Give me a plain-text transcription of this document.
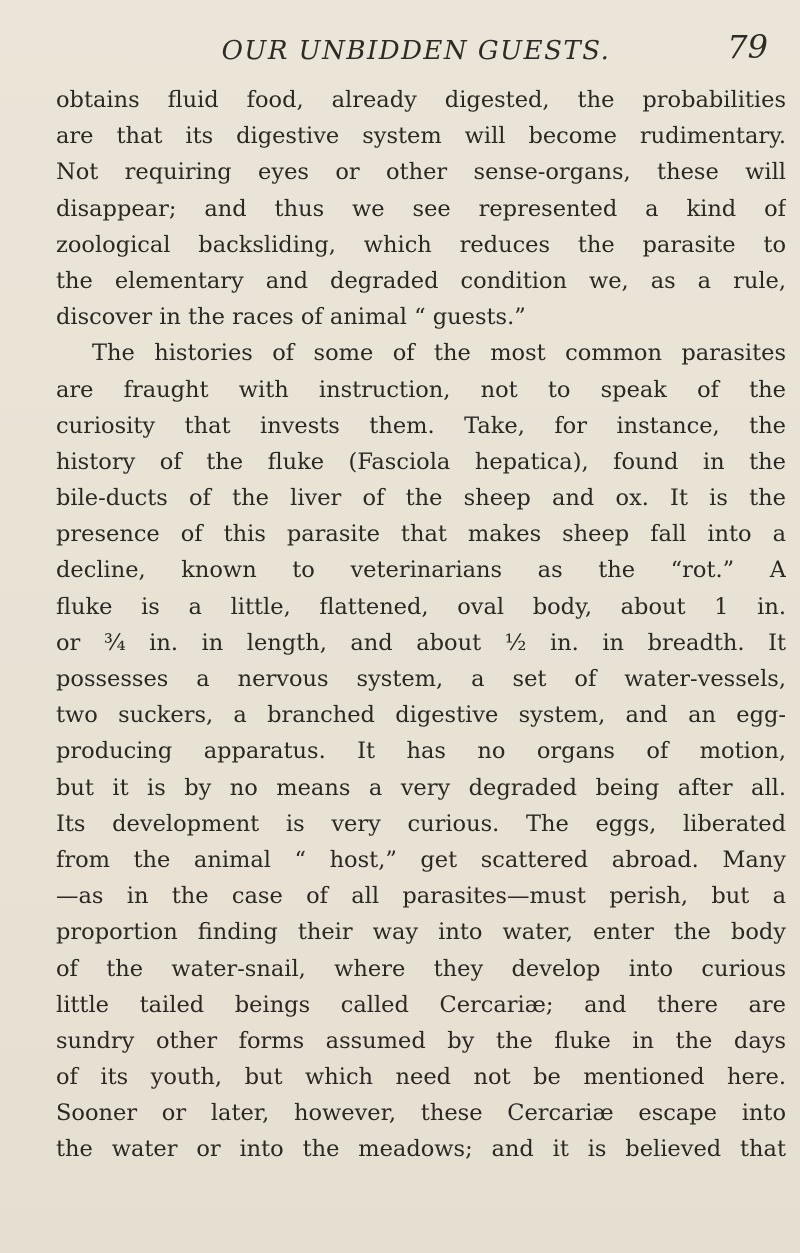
OUR UNBIDDEN GUESTS.	79
obtains fluid food, already digested, the probabilities
are that its digestive system will become rudimentary.
Not requiring eyes or other sense-organs, these will
disappear; and thus we see represented a kind of
zoological backsliding, which reduces the parasite to
the elementary and degraded condition we, as a rule,
discover in the races of animal “ guests.”
The histories of some of the most common parasites
are fraught with instruction, not to speak of the
curiosity that invests them. Take, for instance, the
history of the fluke (Fasciola hepatica), found in the
bile-ducts of the liver of the sheep and ox. It is the
presence of this parasite that makes sheep fall into a
decline, known to veterinarians as the “rot.” A
fluke is a little, flattened, oval body, about 1 in.
or ¾ in. in length, and about ½ in. in breadth. It
possesses a nervous system, a set of water-vessels,
two suckers, a branched digestive system, and an egg-
producing apparatus. It has no organs of motion,
but it is by no means a very degraded being after all.
Its development is very curious. The eggs, liberated
from the animal “ host,” get scattered abroad. Many
—as in the case of all parasites—must perish, but a
proportion finding their way into water, enter the body
of the water-snail, where they develop into curious
little tailed beings called Cercariæ; and there are
sundry other forms assumed by the fluke in the days
of its youth, but which need not be mentioned here.
Sooner or later, however, these Cercariæ escape into
the water or into the meadows; and it is believed that
